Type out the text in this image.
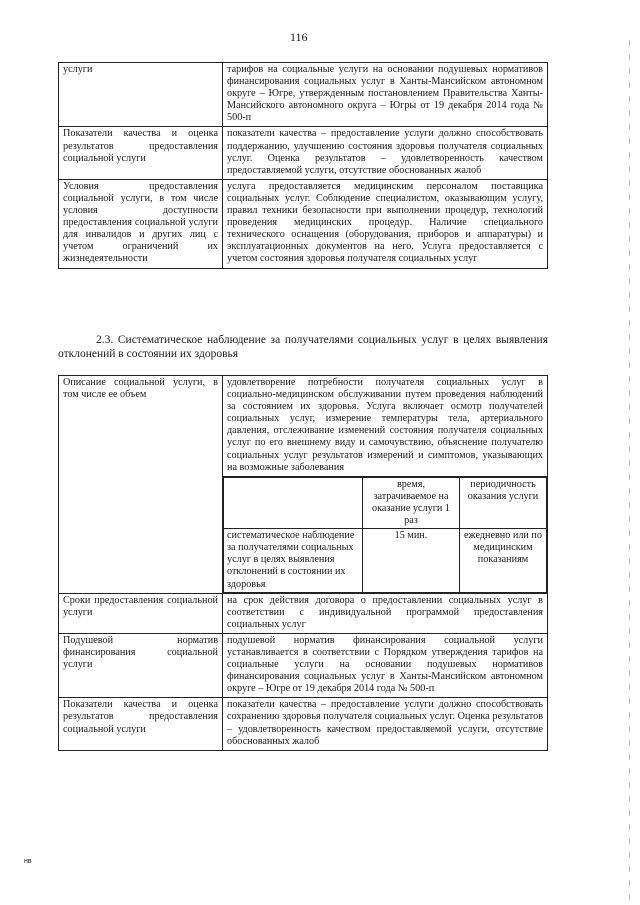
116
услуги	тарифов на социальные услуги на основании подушевых нормативов финансирования социальных услуг в Ханты-Мансийском автономном округе – Югре, утвержденным постановлением Правительства Ханты-Мансийского автономного округа – Югры от 19 декабря 2014 года № 500-п
Показатели качества и оценка результатов предоставления социальной услуги	показатели качества – предоставление услуги должно способствовать поддержанию, улучшению состояния здоровья получателя социальных услуг. Оценка результатов – удовлетворенность качеством предоставляемой услуги, отсутствие обоснованных жалоб
Условия предоставления социальной услуги, в том числе условия доступности предоставления социальной услуги для инвалидов и других лиц с учетом ограничений их жизнедеятельности	услуга предоставляется медицинским персоналом поставщика социальных услуг. Соблюдение специалистом, оказывающим услугу, правил техники безопасности при выполнении процедур, технологий проведения медицинских процедур. Наличие специального технического оснащения (оборудования, приборов и аппаратуры) и эксплуатационных документов на него. Услуга предоставляется с учетом состояния здоровья получателя социальных услуг
2.3. Систематическое наблюдение за получателями социальных услуг в целях выявления отклонений в состоянии их здоровья
Описание социальной услуги, в том числе ее объем	удовлетворение потребности получателя социальных услуг в социально-медицинском обслуживании путем проведения наблюдений за состоянием их здоровья. Услуга включает осмотр получателей социальных услуг, измерение температуры тела, артериального давления, отслеживание изменений состояния получателя социальных услуг по его внешнему виду и самочувствию, объяснение получателю социальных услуг результатов измерений и симптомов, указывающих на возможные заболевания

	время, затрачиваемое на оказание услуги 1 раз	периодичность оказания услуги
систематическое наблюдение за получателями социальных услуг в целях выявления отклонений в состоянии их здоровья	15 мин.	ежедневно или по медицинским показаниям

Сроки предоставления социальной услуги	на срок действия договора о предоставлении социальных услуг в соответствии с индивидуальной программой предоставления социальных услуг
Подушевой норматив финансирования социальной услуги	подушевой норматив финансирования социальной услуги устанавливается в соответствии с Порядком утверждения тарифов на социальные услуги на основании подушевых нормативов финансирования социальных услуг в Ханты-Мансийском автономном округе – Югре от 19 декабря 2014 года № 500-п
Показатели качества и оценка результатов предоставления социальной услуги	показатели качества – предоставление услуги должно способствовать сохранению здоровья получателя социальных услуг. Оценка результатов – удовлетворенность качеством предоставляемой услуги, отсутствие обоснованных жалоб
нв
